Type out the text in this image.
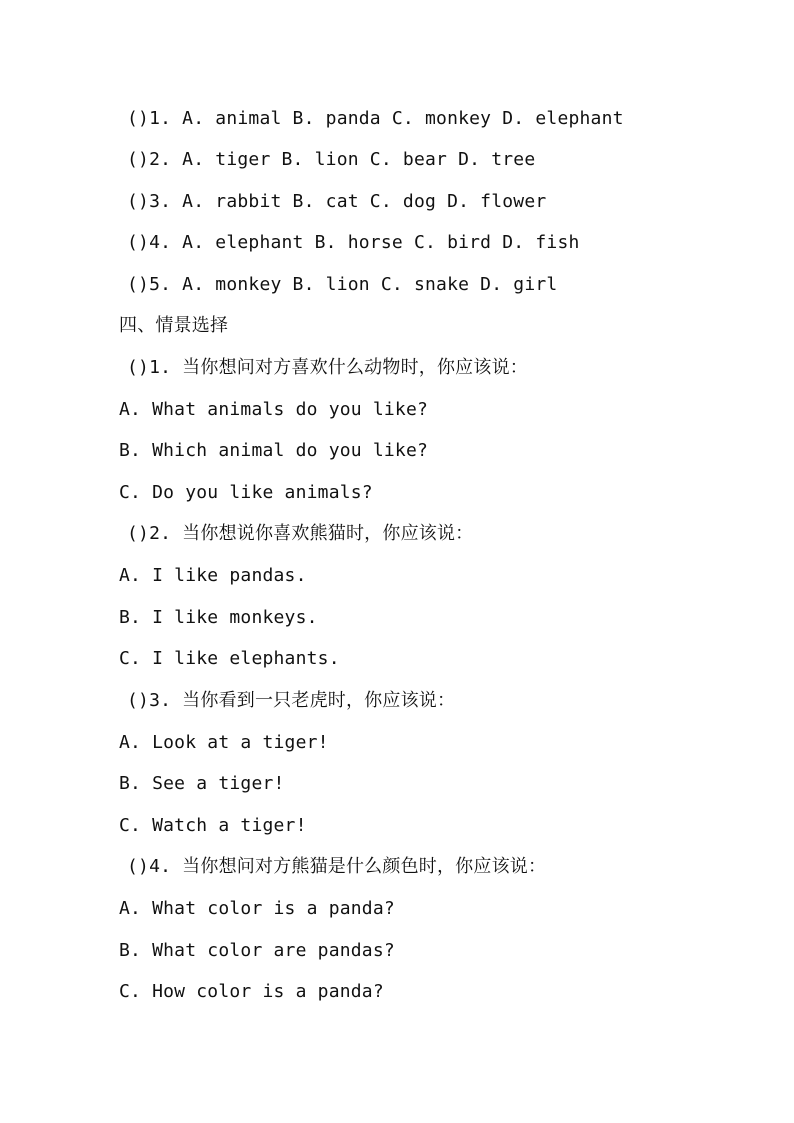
()1. A. animal B. panda C. monkey D. elephant
()2. A. tiger B. lion C. bear D. tree
()3. A. rabbit B. cat C. dog D. flower
()4. A. elephant B. horse C. bird D. fish
()5. A. monkey B. lion C. snake D. girl
四、情景选择
()1. 当你想问对方喜欢什么动物时，你应该说：
A. What animals do you like?
B. Which animal do you like?
C. Do you like animals?
()2. 当你想说你喜欢熊猫时，你应该说：
A. I like pandas.
B. I like monkeys.
C. I like elephants.
()3. 当你看到一只老虎时，你应该说：
A. Look at a tiger!
B. See a tiger!
C. Watch a tiger!
()4. 当你想问对方熊猫是什么颜色时，你应该说：
A. What color is a panda?
B. What color are pandas?
C. How color is a panda?
